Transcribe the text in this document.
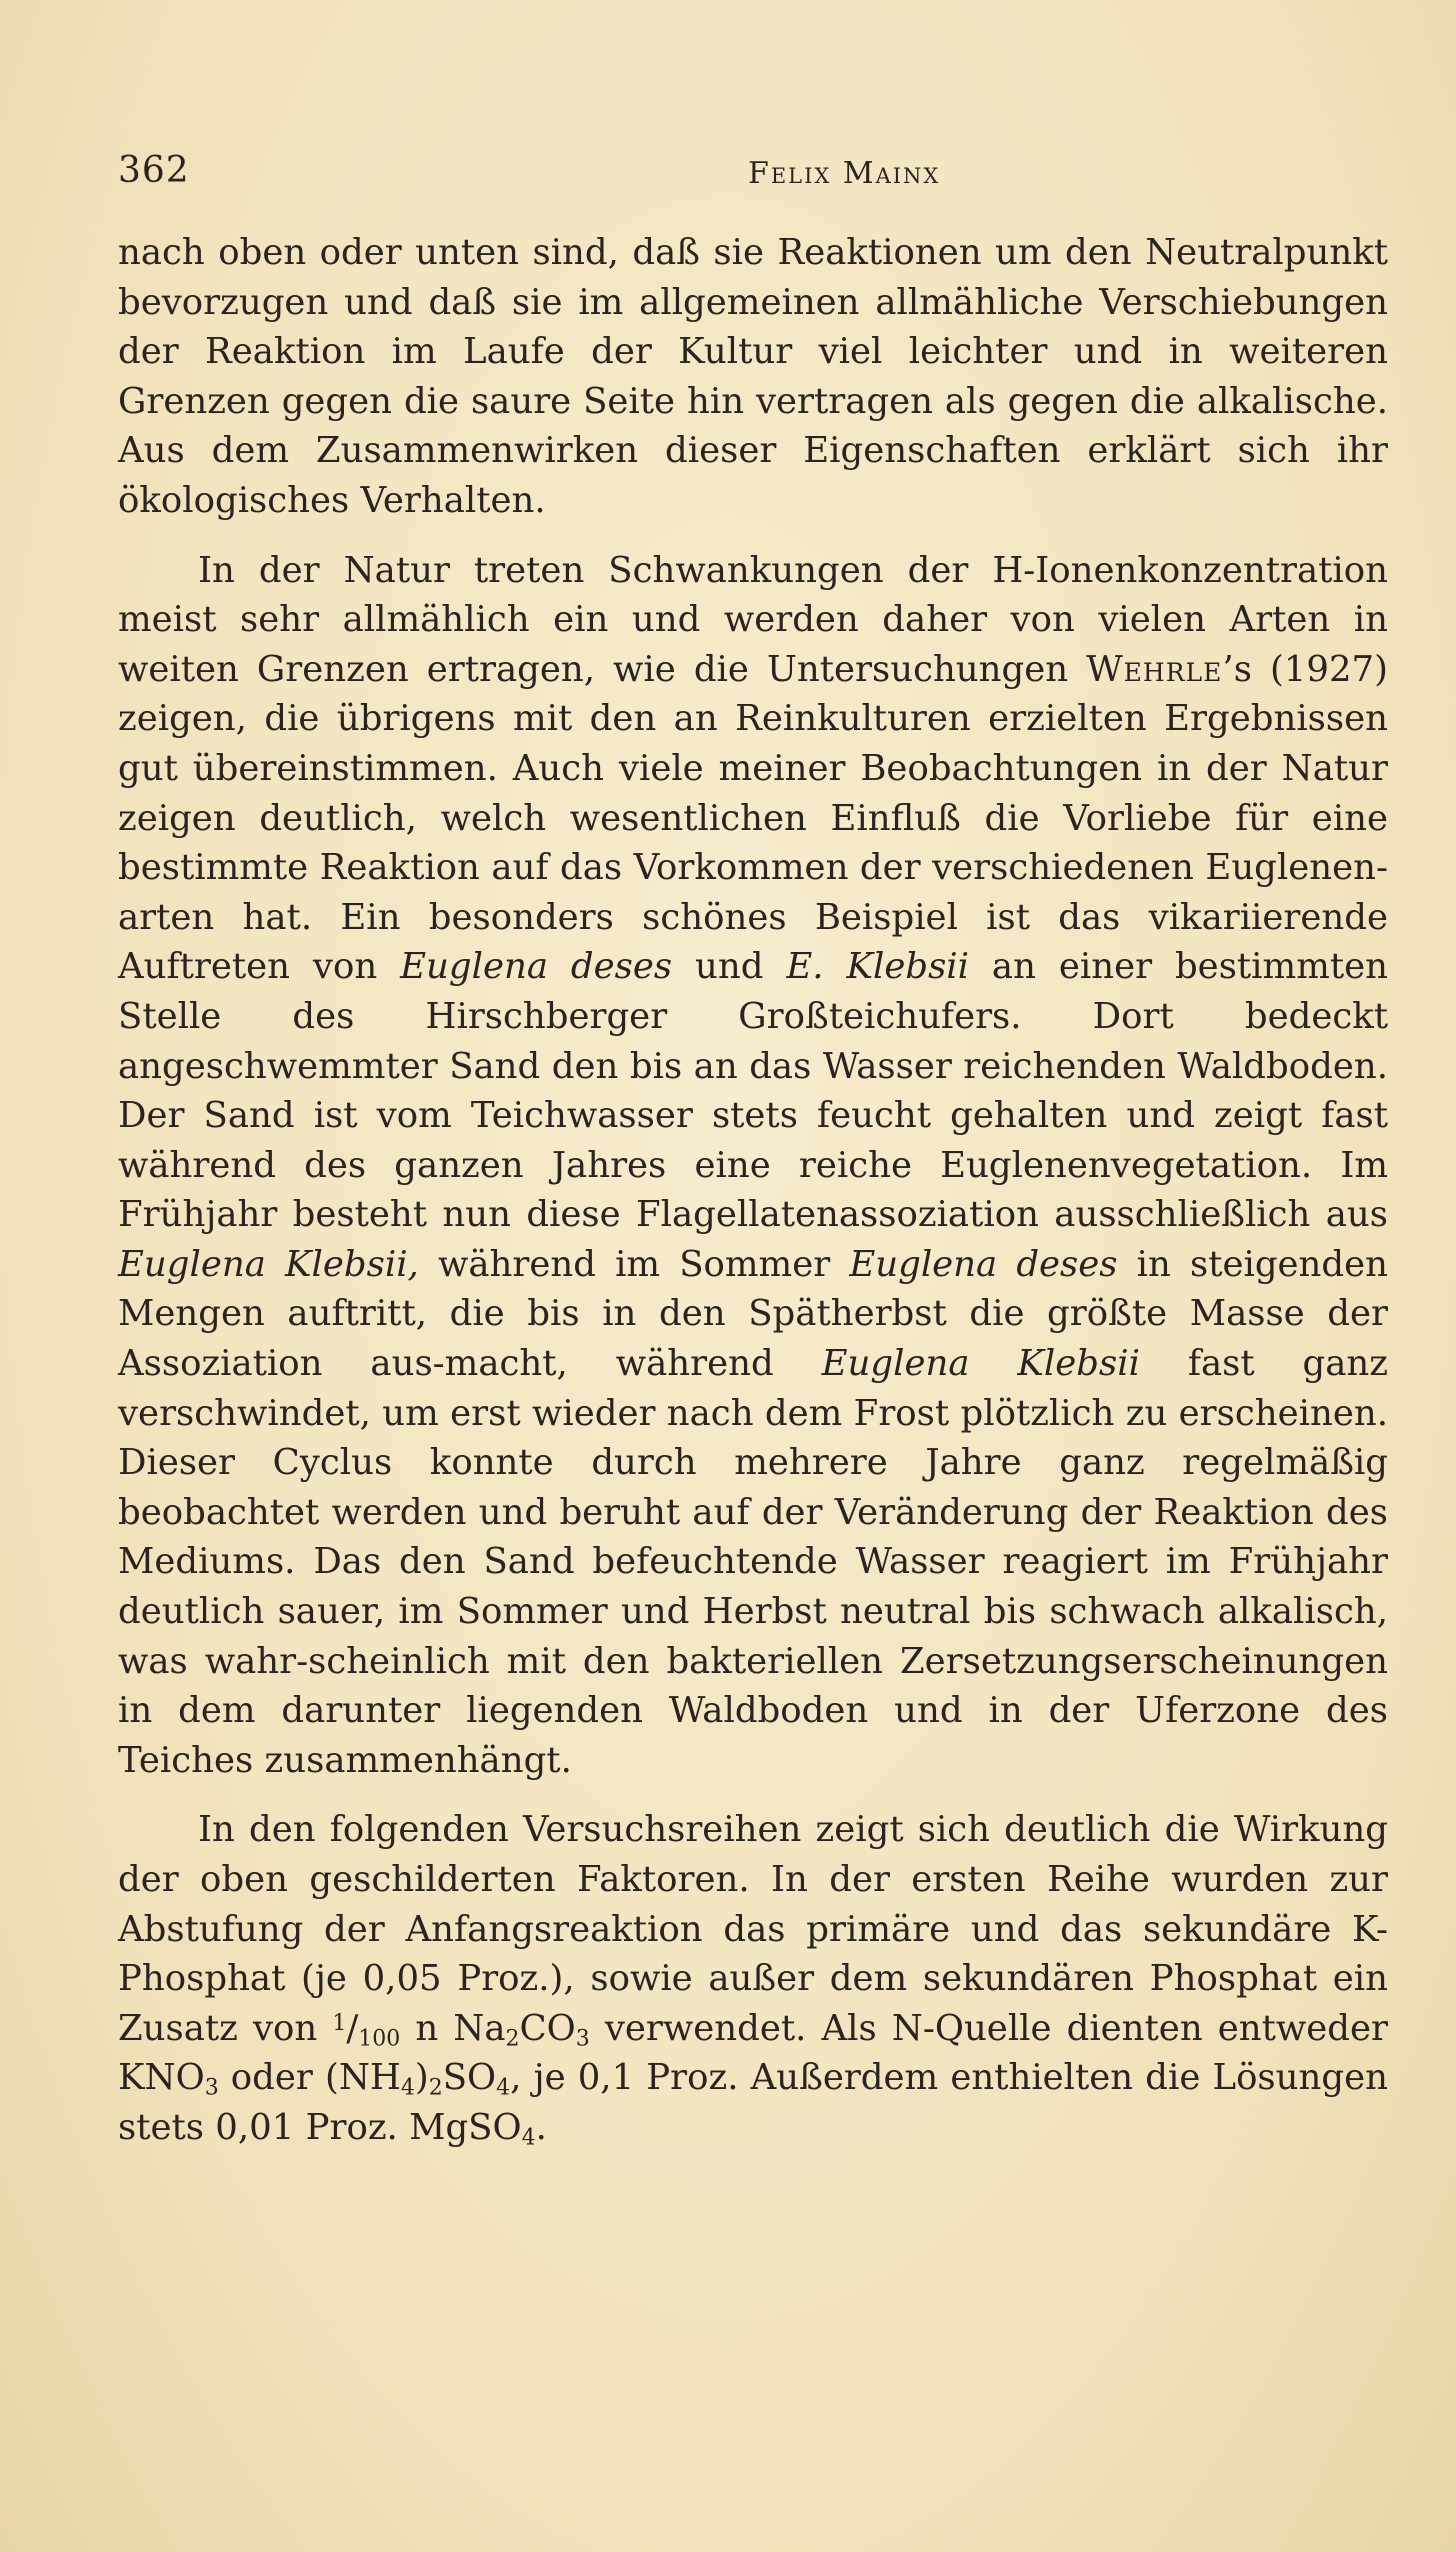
362	Felix Mainx

nach oben oder unten sind, daß sie Reaktionen um den Neutralpunkt bevorzugen und daß sie im allgemeinen allmähliche Verschiebungen der Reaktion im Laufe der Kultur viel leichter und in weiteren Grenzen gegen die saure Seite hin vertragen als gegen die alkalische. Aus dem Zusammenwirken dieser Eigenschaften erklärt sich ihr ökologisches Verhalten.

In der Natur treten Schwankungen der H-Ionenkonzentration meist sehr allmählich ein und werden daher von vielen Arten in weiten Grenzen ertragen, wie die Untersuchungen Wehrle’s (1927) zeigen, die übrigens mit den an Reinkulturen erzielten Ergebnissen gut übereinstimmen. Auch viele meiner Beobachtungen in der Natur zeigen deutlich, welch wesentlichen Einfluß die Vorliebe für eine bestimmte Reaktion auf das Vorkommen der verschiedenen Euglenen-arten hat. Ein besonders schönes Beispiel ist das vikariierende Auftreten von Euglena deses und E. Klebsii an einer bestimmten Stelle des Hirschberger Großteichufers. Dort bedeckt angeschwemmter Sand den bis an das Wasser reichenden Waldboden. Der Sand ist vom Teichwasser stets feucht gehalten und zeigt fast während des ganzen Jahres eine reiche Euglenenvegetation. Im Frühjahr besteht nun diese Flagellatenassoziation ausschließlich aus Euglena Klebsii, während im Sommer Euglena deses in steigenden Mengen auftritt, die bis in den Spätherbst die größte Masse der Assoziation aus-macht, während Euglena Klebsii fast ganz verschwindet, um erst wieder nach dem Frost plötzlich zu erscheinen. Dieser Cyclus konnte durch mehrere Jahre ganz regelmäßig beobachtet werden und beruht auf der Veränderung der Reaktion des Mediums. Das den Sand befeuchtende Wasser reagiert im Frühjahr deutlich sauer, im Sommer und Herbst neutral bis schwach alkalisch, was wahr-scheinlich mit den bakteriellen Zersetzungserscheinungen in dem darunter liegenden Waldboden und in der Uferzone des Teiches zusammenhängt.

In den folgenden Versuchsreihen zeigt sich deutlich die Wirkung der oben geschilderten Faktoren. In der ersten Reihe wurden zur Abstufung der Anfangsreaktion das primäre und das sekundäre K-Phosphat (je 0,05 Proz.), sowie außer dem sekundären Phosphat ein Zusatz von $^1/_{100}$ n $Na_2CO_3$ verwendet. Als N-Quelle dienten entweder $KNO_3$ oder $(NH_4)_2SO_4$, je 0,1 Proz. Außerdem enthielten die Lösungen stets 0,01 Proz. MgSO$_4$.
